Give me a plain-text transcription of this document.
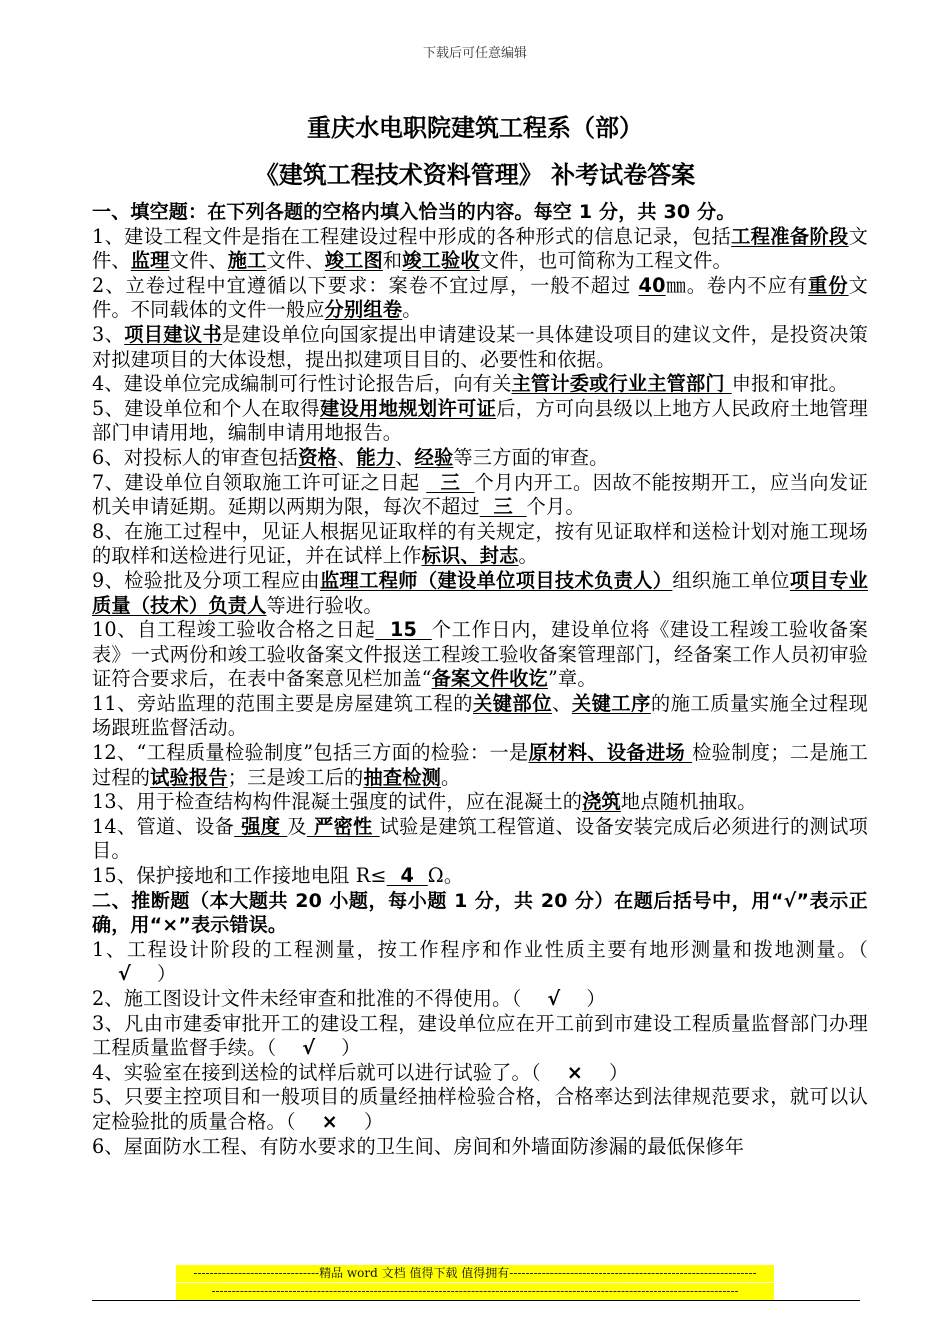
下载后可任意编辑
重庆水电职院建筑工程系（部）
《建筑工程技术资料管理》 补考试卷答案

一、填空题：在下列各题的空格内填入恰当的内容。每空 1 分，共 30 分。

1、建设工程文件是指在工程建设过程中形成的各种形式的信息记录，包括工程准备阶段文件、监理文件、施工文件、竣工图和竣工验收文件，也可简称为工程文件。

2、立卷过程中宜遵循以下要求：案卷不宜过厚，一般不超过 40㎜。卷内不应有重份文件。不同载体的文件一般应分别组卷。

3、项目建议书是建设单位向国家提出申请建设某一具体建设项目的建议文件，是投资决策对拟建项目的大体设想，提出拟建项目目的、必要性和依据。

4、建设单位完成编制可行性讨论报告后，向有关主管计委或行业主管部门 申报和审批。

5、建设单位和个人在取得建设用地规划许可证后，方可向县级以上地方人民政府土地管理部门申请用地，编制申请用地报告。

6、对投标人的审查包括资格、能力、经验等三方面的审查。

7、建设单位自领取施工许可证之日起   三  个月内开工。因故不能按期开工，应当向发证机关申请延期。延期以两期为限，每次不超过  三  个月。

8、在施工过程中，见证人根据见证取样的有关规定，按有见证取样和送检计划对施工现场的取样和送检进行见证，并在试样上作标识、封志。

9、检验批及分项工程应由监理工程师（建设单位项目技术负责人）组织施工单位项目专业质量（技术）负责人等进行验收。

10、自工程竣工验收合格之日起  15  个工作日内，建设单位将《建设工程竣工验收备案表》一式两份和竣工验收备案文件报送工程竣工验收备案管理部门，经备案工作人员初审验证符合要求后，在表中备案意见栏加盖“备案文件收讫”章。

11、旁站监理的范围主要是房屋建筑工程的关键部位、关键工序的施工质量实施全过程现场跟班监督活动。

12、“工程质量检验制度”包括三方面的检验：一是原材料、设备进场 检验制度；二是施工过程的试验报告；三是竣工后的抽查检测。

13、用于检查结构构件混凝土强度的试件，应在混凝土的浇筑地点随机抽取。

14、管道、设备 强度 及 严密性 试验是建筑工程管道、设备安装完成后必须进行的测试项目。

15、保护接地和工作接地电阻 R≤  4  Ω。

二、推断题（本大题共 20 小题，每小题 1 分，共 20 分）在题后括号中，用“√”表示正确，用“×”表示错误。

1、工程设计阶段的工程测量，按工作程序和作业性质主要有地形测量和拨地测量。（√ ）

2、施工图设计文件未经审查和批准的不得使用。（ √ ）

3、凡由市建委审批开工的建设工程，建设单位应在开工前到市建设工程质量监督部门办理工程质量监督手续。（ √ ）

4、实验室在接到送检的试样后就可以进行试验了。（ × ）

5、只要主控项目和一般项目的质量经抽样检验合格，合格率达到法律规范要求，就可以认定检验批的质量合格。（ × ）

6、屋面防水工程、有防水要求的卫生间、房间和外墙面防渗漏的最低保修年

-------------------------------精品 word 文档 值得下载 值得拥有-------------------------------------------------------------
----------------------------------------------------------------------------------------------------------------------------------
